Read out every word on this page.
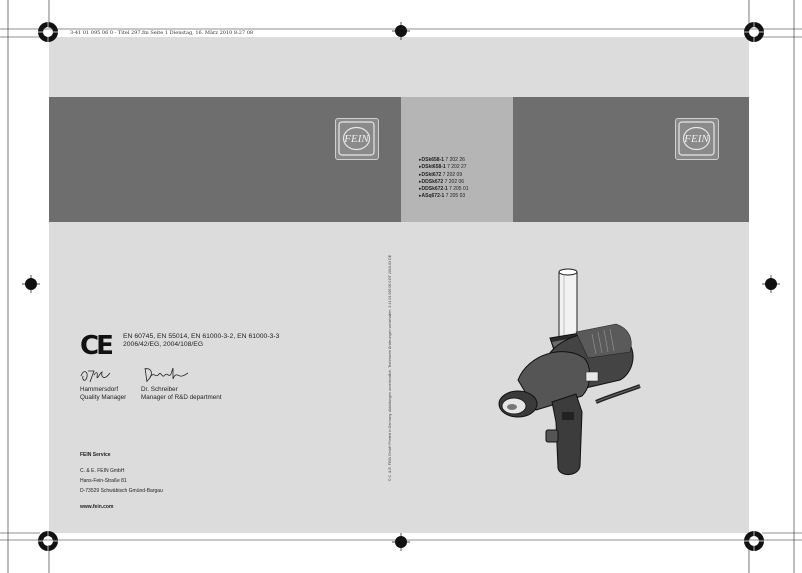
3-41 01 095 06 0 - Titel 297.fm Seite 1 Dienstag, 16. März 2010 8:27 08
FEIN	FEIN
▸DSk658-1 7 202 26
▸DSkt658-1 7 202 27
▸DSkt672 7 202 09
▸DDSk672 7 202 06
▸DDSk672-1 7 205 01
▸ASq672-1 7 205 03
© C. & E. FEIN GmbH Printed in Germany. Abbildungen unverbindlich. Technische Änderungen vorbehalten. 3 41 01 095 06 0 BT 2010-03 DE
CE EN 60745, EN 55014, EN 61000-3-2, EN 61000-3-3
2006/42/EG, 2004/108/EG
Hammersdorf
Quality Manager
Dr. Schreiber
Manager of R&D department
FEIN Service
C. & E. FEIN GmbH
Hans-Fein-Straße 81
D-73529 Schwäbisch Gmünd-Bargau
www.fein.com
